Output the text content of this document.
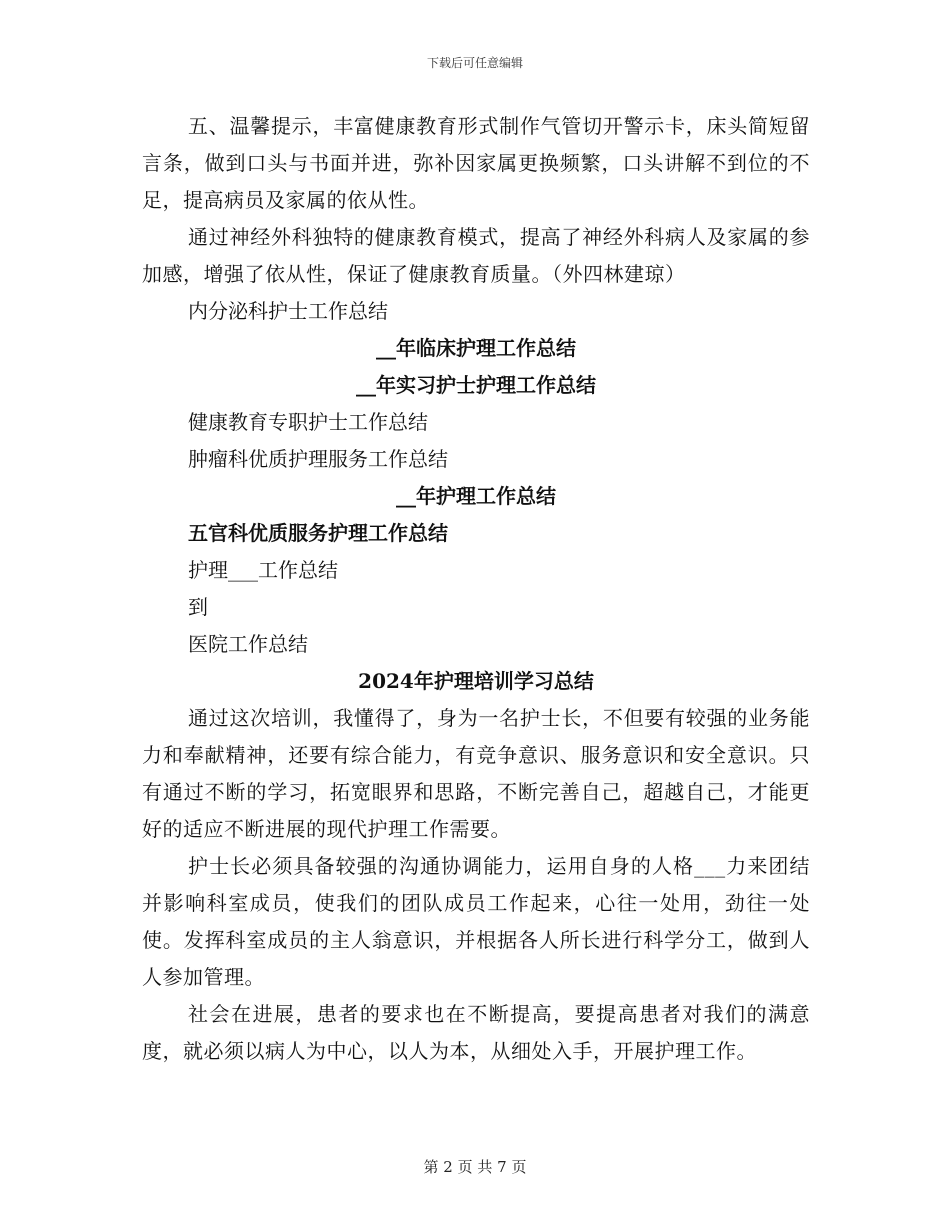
下载后可任意编辑

五、温馨提示，丰富健康教育形式制作气管切开警示卡，床头简短留言条，做到口头与书面并进，弥补因家属更换频繁，口头讲解不到位的不足，提高病员及家属的依从性。

通过神经外科独特的健康教育模式，提高了神经外科病人及家属的参加感，增强了依从性，保证了健康教育质量。（外四林建琼）

内分泌科护士工作总结

__年临床护理工作总结

__年实习护士护理工作总结

健康教育专职护士工作总结

肿瘤科优质护理服务工作总结

__年护理工作总结

五官科优质服务护理工作总结

护理___工作总结

到

医院工作总结

2024年护理培训学习总结

通过这次培训，我懂得了，身为一名护士长，不但要有较强的业务能力和奉献精神，还要有综合能力，有竞争意识、服务意识和安全意识。只有通过不断的学习，拓宽眼界和思路，不断完善自己，超越自己，才能更好的适应不断进展的现代护理工作需要。

护士长必须具备较强的沟通协调能力，运用自身的人格___力来团结并影响科室成员，使我们的团队成员工作起来，心往一处用，劲往一处使。发挥科室成员的主人翁意识，并根据各人所长进行科学分工，做到人人参加管理。

社会在进展，患者的要求也在不断提高，要提高患者对我们的满意度，就必须以病人为中心，以人为本，从细处入手，开展护理工作。

第 2 页 共 7 页
